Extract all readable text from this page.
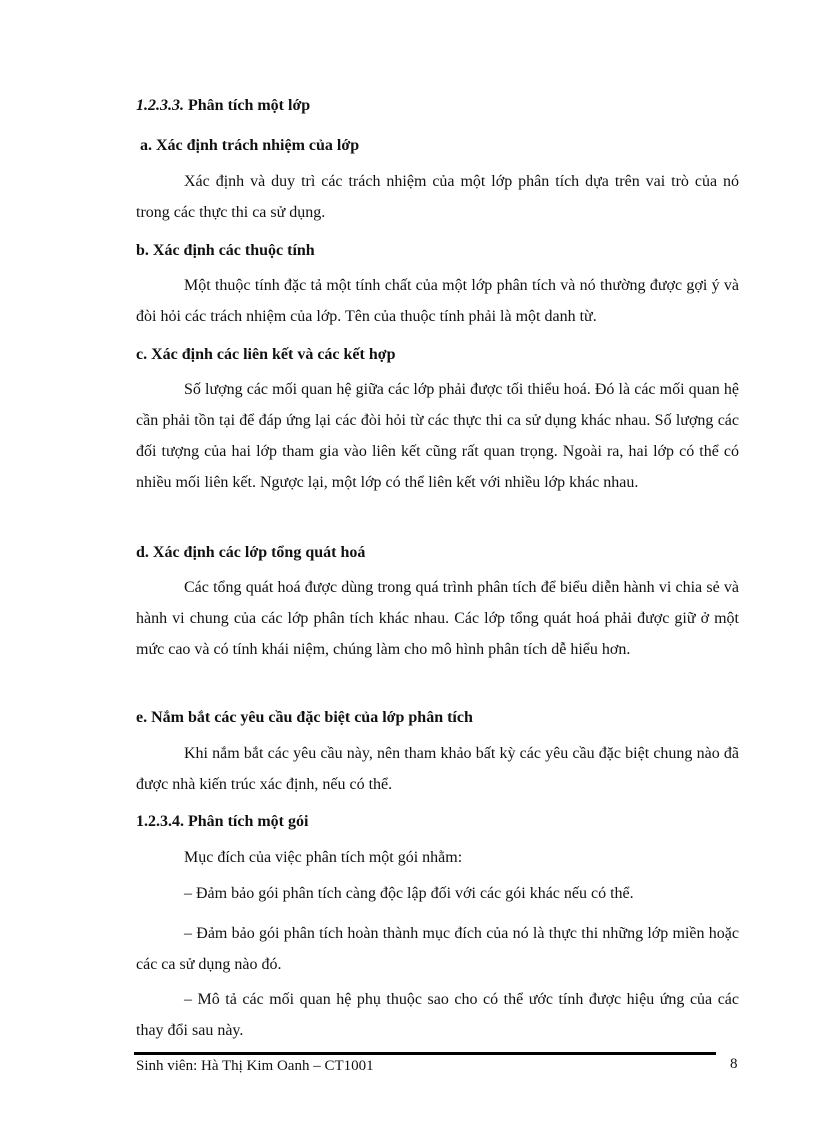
1.2.3.3. Phân tích một lớp
a. Xác định trách nhiệm của lớp

Xác định và duy trì các trách nhiệm của một lớp phân tích dựa trên vai trò của nó trong các thực thi ca sử dụng.

b. Xác định các thuộc tính

Một thuộc tính đặc tả một tính chất của một lớp phân tích và nó thường được gợi ý và đòi hỏi các trách nhiệm của lớp. Tên của thuộc tính phải là một danh từ.

c. Xác định các liên kết và các kết hợp

Số lượng các mối quan hệ giữa các lớp phải được tối thiểu hoá. Đó là các mối quan hệ cần phải tồn tại để đáp ứng lại các đòi hỏi từ các thực thi ca sử dụng khác nhau. Số lượng các đối tượng của hai lớp tham gia vào liên kết cũng rất quan trọng. Ngoài ra, hai lớp có thể có nhiều mối liên kết. Ngược lại, một lớp có thể liên kết với nhiều lớp khác nhau.

d. Xác định các lớp tổng quát hoá

Các tổng quát hoá được dùng trong quá trình phân tích để biểu diễn hành vi chia sẻ và hành vi chung của các lớp phân tích khác nhau. Các lớp tổng quát hoá phải được giữ ở một mức cao và có tính khái niệm, chúng làm cho mô hình phân tích dễ hiểu hơn.

e. Nắm bắt các yêu cầu đặc biệt của lớp phân tích

Khi nắm bắt các yêu cầu này, nên tham khảo bất kỳ các yêu cầu đặc biệt chung nào đã được nhà kiến trúc xác định, nếu có thể.

1.2.3.4. Phân tích một gói

Mục đích của việc phân tích một gói nhằm:

– Đảm bảo gói phân tích càng độc lập đối với các gói khác nếu có thể.

– Đảm bảo gói phân tích hoàn thành mục đích của nó là thực thi những lớp miền hoặc các ca sử dụng nào đó.

– Mô tả các mối quan hệ phụ thuộc sao cho có thể ước tính được hiệu ứng của các thay đổi sau này.

Sinh viên: Hà Thị Kim Oanh – CT1001	8
